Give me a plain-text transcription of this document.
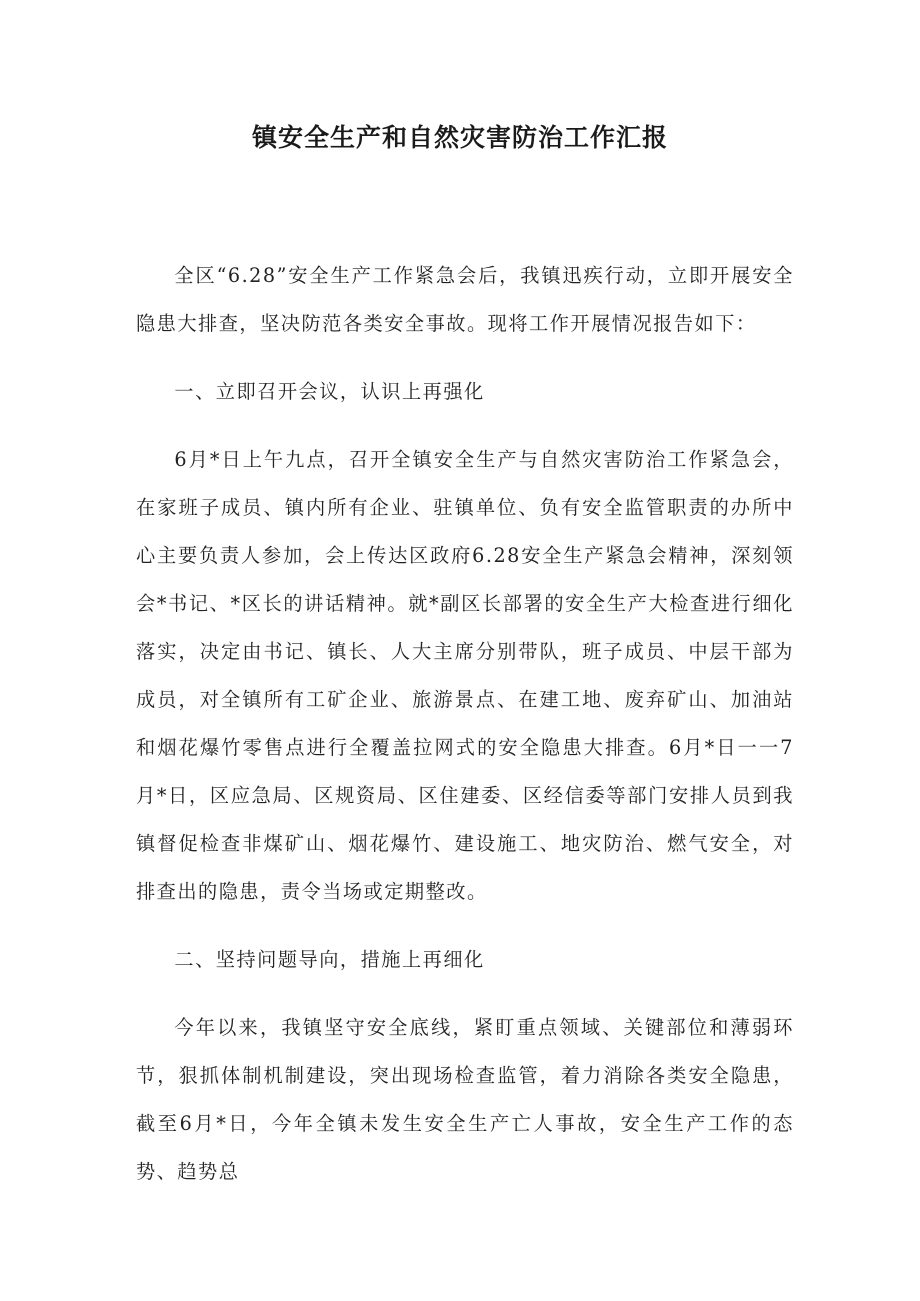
镇安全生产和自然灾害防治工作汇报

全区“6.28”安全生产工作紧急会后，我镇迅疾行动，立即开展安全隐患大排查，坚决防范各类安全事故。现将工作开展情况报告如下：

一、立即召开会议，认识上再强化

6月*日上午九点，召开全镇安全生产与自然灾害防治工作紧急会，在家班子成员、镇内所有企业、驻镇单位、负有安全监管职责的办所中心主要负责人参加，会上传达区政府6.28安全生产紧急会精神，深刻领会*书记、*区长的讲话精神。就*副区长部署的安全生产大检查进行细化落实，决定由书记、镇长、人大主席分别带队，班子成员、中层干部为成员，对全镇所有工矿企业、旅游景点、在建工地、废弃矿山、加油站和烟花爆竹零售点进行全覆盖拉网式的安全隐患大排查。6月*日一一7月*日，区应急局、区规资局、区住建委、区经信委等部门安排人员到我镇督促检查非煤矿山、烟花爆竹、建设施工、地灾防治、燃气安全，对排查出的隐患，责令当场或定期整改。

二、坚持问题导向，措施上再细化

今年以来，我镇坚守安全底线，紧盯重点领域、关键部位和薄弱环节，狠抓体制机制建设，突出现场检查监管，着力消除各类安全隐患，截至6月*日，今年全镇未发生安全生产亡人事故，安全生产工作的态势、趋势总
